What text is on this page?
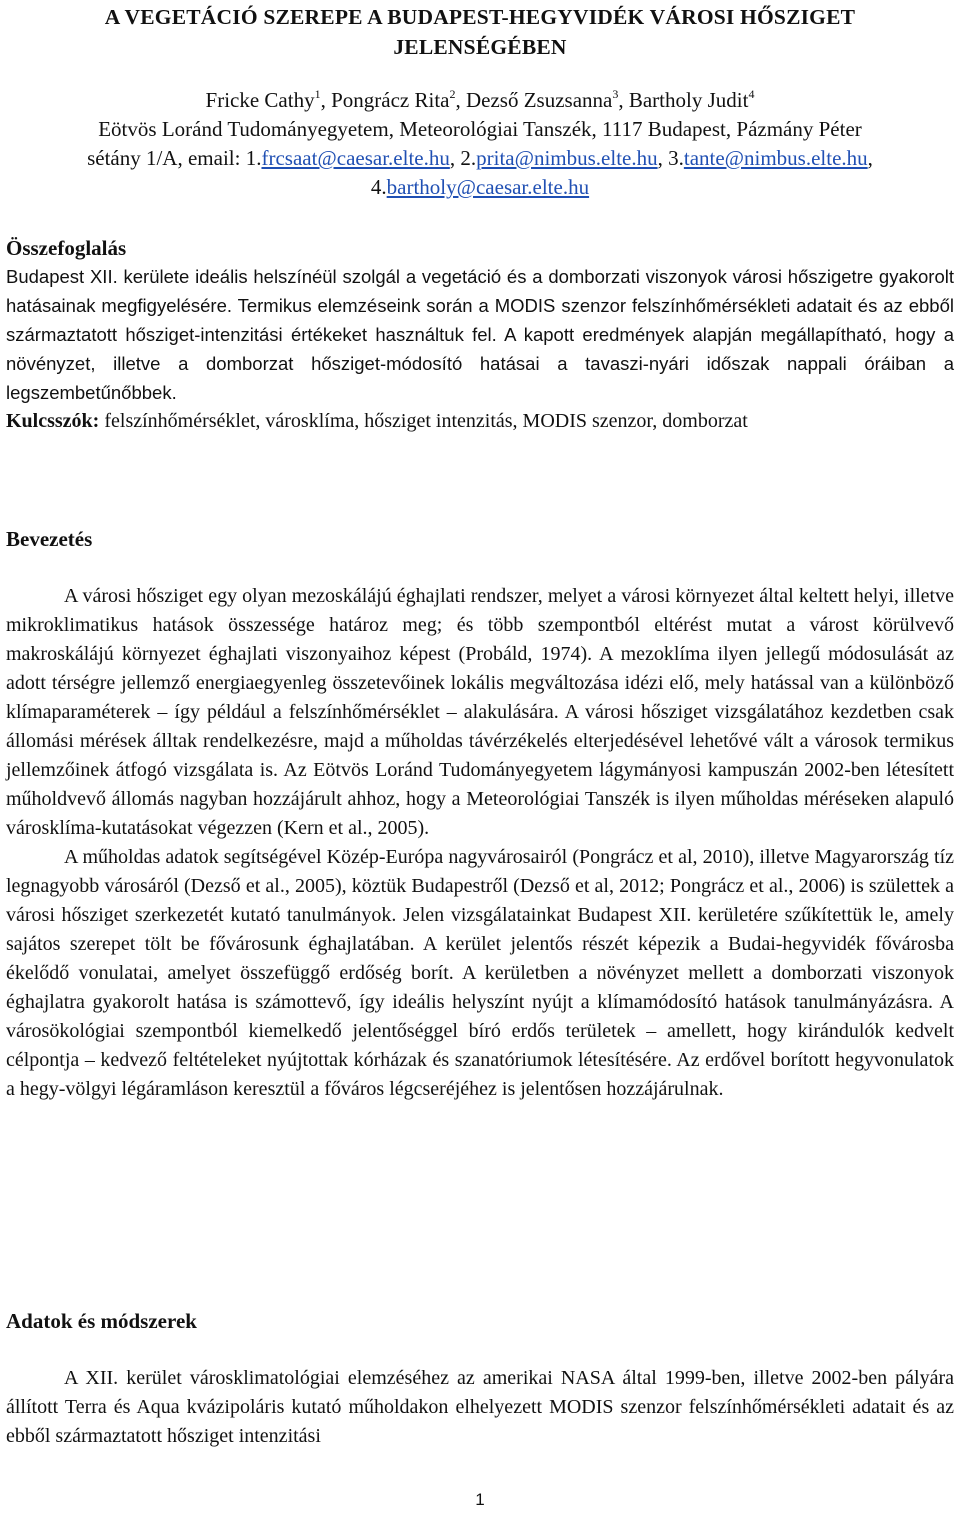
A VEGETÁCIÓ SZEREPE A BUDAPEST-HEGYVIDÉK VÁROSI HŐSZIGET
JELENSÉGÉBEN
Fricke Cathy$^1$, Pongrácz Rita$^2$, Dezső Zsuzsanna$^3$, Bartholy Judit$^4$
Eötvös Loránd Tudományegyetem, Meteorológiai Tanszék, 1117 Budapest, Pázmány Péter
sétány 1/A, email: 1.frcsaat@caesar.elte.hu, 2.prita@nimbus.elte.hu, 3.tante@nimbus.elte.hu,
4.bartholy@caesar.elte.hu

Összefoglalás

Budapest XII. kerülete ideális helszínéül szolgál a vegetáció és a domborzati viszonyok városi hőszigetre gyakorolt hatásainak megfigyelésére. Termikus elemzéseink során a MODIS szenzor felszínhőmérsékleti adatait és az ebből származtatott hősziget-intenzitási értékeket használtuk fel. A kapott eredmények alapján megállapítható, hogy a növényzet, illetve a domborzat hősziget-módosító hatásai a tavaszi-nyári időszak nappali óráiban a legszembetűnőbbek.

Kulcsszók: felszínhőmérséklet, városklíma, hősziget intenzitás, MODIS szenzor, domborzat

Bevezetés

A városi hősziget egy olyan mezoskálájú éghajlati rendszer, melyet a városi környezet által keltett helyi, illetve mikroklimatikus hatások összessége határoz meg; és több szempontból eltérést mutat a várost körülvevő makroskálájú környezet éghajlati viszonyaihoz képest (Probáld, 1974). A mezoklíma ilyen jellegű módosulását az adott térségre jellemző energiaegyenleg összetevőinek lokális megváltozása idézi elő, mely hatással van a különböző klímaparaméterek – így például a felszínhőmérséklet – alakulására. A városi hősziget vizsgálatához kezdetben csak állomási mérések álltak rendelkezésre, majd a műholdas távérzékelés elterjedésével lehetővé vált a városok termikus jellemzőinek átfogó vizsgálata is. Az Eötvös Loránd Tudományegyetem lágymányosi kampuszán 2002-ben létesített műholdvevő állomás nagyban hozzájárult ahhoz, hogy a Meteorológiai Tanszék is ilyen műholdas méréseken alapuló városklíma-kutatásokat végezzen (Kern et al., 2005).

A műholdas adatok segítségével Közép-Európa nagyvárosairól (Pongrácz et al, 2010), illetve Magyarország tíz legnagyobb városáról (Dezső et al., 2005), köztük Budapestről (Dezső et al, 2012; Pongrácz et al., 2006) is születtek a városi hősziget szerkezetét kutató tanulmányok. Jelen vizsgálatainkat Budapest XII. kerületére szűkítettük le, amely sajátos szerepet tölt be fővárosunk éghajlatában. A kerület jelentős részét képezik a Budai-hegyvidék fővárosba ékelődő vonulatai, amelyet összefüggő erdőség borít. A kerületben a növényzet mellett a domborzati viszonyok éghajlatra gyakorolt hatása is számottevő, így ideális helyszínt nyújt a klímamódosító hatások tanulmányázásra. A városökológiai szempontból kiemelkedő jelentőséggel bíró erdős területek – amellett, hogy kirándulók kedvelt célpontja – kedvező feltételeket nyújtottak kórházak és szanatóriumok létesítésére. Az erdővel borított hegyvonulatok a hegy-völgyi légáramláson keresztül a főváros légcseréjéhez is jelentősen hozzájárulnak.

Adatok és módszerek

A XII. kerület városklimatológiai elemzéséhez az amerikai NASA által 1999-ben, illetve 2002-ben pályára állított Terra és Aqua kvázipoláris kutató műholdakon elhelyezett MODIS szenzor felszínhőmérsékleti adatait és az ebből származtatott hősziget intenzitási

1
